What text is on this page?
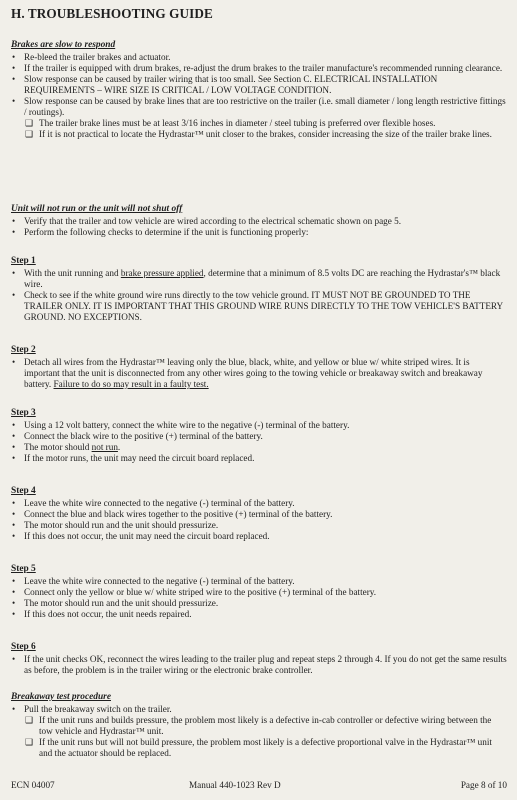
H. TROUBLESHOOTING GUIDE
Brakes are slow to respond
• Re-bleed the trailer brakes and actuator.
• If the trailer is equipped with drum brakes, re-adjust the drum brakes to the trailer manufacture's recommended running clearance.
• Slow response can be caused by trailer wiring that is too small. See Section C. ELECTRICAL INSTALLATION REQUIREMENTS – WIRE SIZE IS CRITICAL / LOW VOLTAGE CONDITION.
• Slow response can be caused by brake lines that are too restrictive on the trailer (i.e. small diameter / long length restrictive fittings / routings).
❑ The trailer brake lines must be at least 3/16 inches in diameter / steel tubing is preferred over flexible hoses.
❑ If it is not practical to locate the Hydrastar™ unit closer to the brakes, consider increasing the size of the trailer brake lines.
Unit will not run or the unit will not shut off
• Verify that the trailer and tow vehicle are wired according to the electrical schematic shown on page 5.
• Perform the following checks to determine if the unit is functioning properly:
Step 1
• With the unit running and brake pressure applied, determine that a minimum of 8.5 volts DC are reaching the Hydrastar's™ black wire.
• Check to see if the white ground wire runs directly to the tow vehicle ground. IT MUST NOT BE GROUNDED TO THE TRAILER ONLY. IT IS IMPORTANT THAT THIS GROUND WIRE RUNS DIRECTLY TO THE TOW VEHICLE'S BATTERY GROUND. NO EXCEPTIONS.
Step 2
• Detach all wires from the Hydrastar™ leaving only the blue, black, white, and yellow or blue w/ white striped wires. It is important that the unit is disconnected from any other wires going to the towing vehicle or breakaway switch and breakaway battery. Failure to do so may result in a faulty test.
Step 3
• Using a 12 volt battery, connect the white wire to the negative (-) terminal of the battery.
• Connect the black wire to the positive (+) terminal of the battery.
• The motor should not run.
• If the motor runs, the unit may need the circuit board replaced.
Step 4
• Leave the white wire connected to the negative (-) terminal of the battery.
• Connect the blue and black wires together to the positive (+) terminal of the battery.
• The motor should run and the unit should pressurize.
• If this does not occur, the unit may need the circuit board replaced.
Step 5
• Leave the white wire connected to the negative (-) terminal of the battery.
• Connect only the yellow or blue w/ white striped wire to the positive (+) terminal of the battery.
• The motor should run and the unit should pressurize.
• If this does not occur, the unit needs repaired.
Step 6
• If the unit checks OK, reconnect the wires leading to the trailer plug and repeat steps 2 through 4. If you do not get the same results as before, the problem is in the trailer wiring or the electronic brake controller.
Breakaway test procedure
• Pull the breakaway switch on the trailer.
❑ If the unit runs and builds pressure, the problem most likely is a defective in-cab controller or defective wiring between the tow vehicle and Hydrastar™ unit.
❑ If the unit runs but will not build pressure, the problem most likely is a defective proportional valve in the Hydrastar™ unit and the actuator should be replaced.
ECN 04007	Manual 440-1023 Rev D	Page 8 of 10
